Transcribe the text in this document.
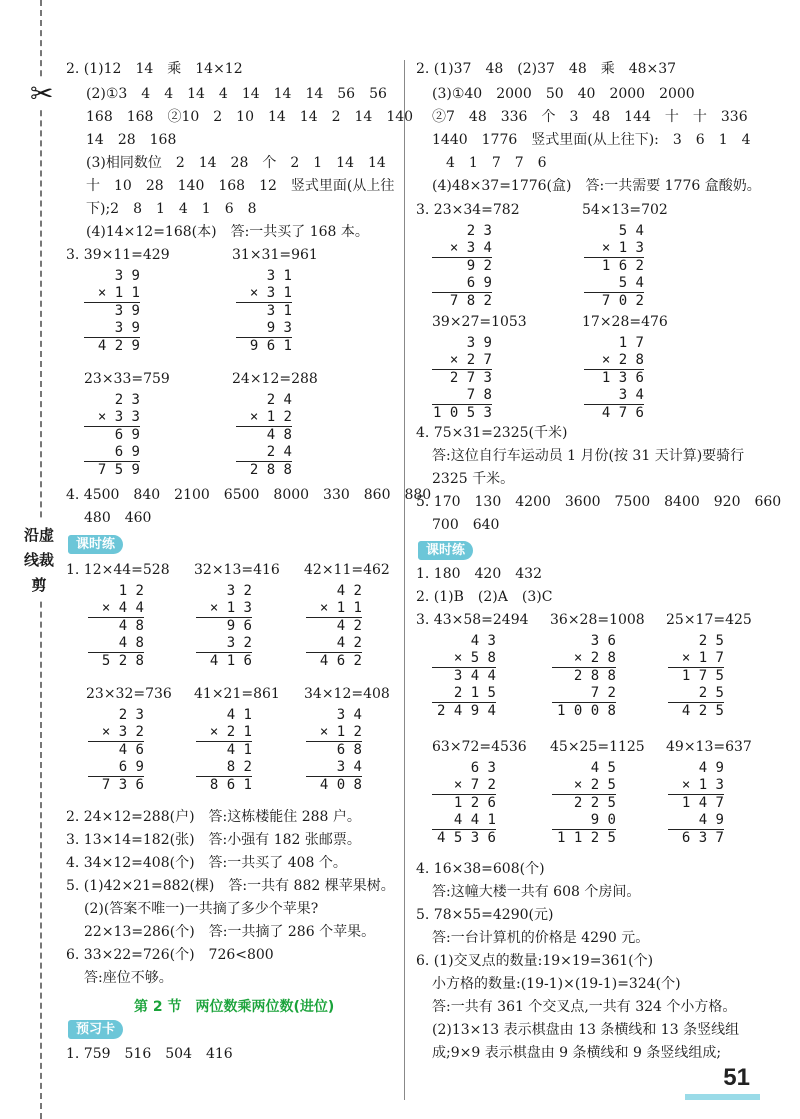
✂
沿虚线裁剪
2. (1)12　14　乘　14×12
(2)①3　4　4　14　4　14　14　14　56　56
168　168　②10　2　10　14　14　2　14　140
14　28　168
(3)相同数位　2　14　28　个　2　1　14　14
十　10　28　140　168　12　竖式里面(从上往
下);2　8　1　4　1　6　8
(4)14×12=168(本)　答:一共买了 168 本。
3. 39×11=429	31×31=961
3 9
× 1 1
3 9
3 9
4 2 9
3 1
× 3 1
3 1
9 3
9 6 1
23×33=759	24×12=288
2 3
× 3 3
6 9
6 9
7 5 9
2 4
× 1 2
4 8
2 4
2 8 8
4. 4500　840　2100　6500　8000　330　860　880
480　460
课时练
1. 12×44=528 32×13=416 42×11=462
1 2
× 4 4
4 8
4 8
5 2 8
3 2
× 1 3
9 6
3 2
4 1 6
4 2
× 1 1
4 2
4 2
4 6 2
23×32=736 41×21=861 34×12=408
2 3
× 3 2
4 6
6 9
7 3 6
4 1
× 2 1
4 1
8 2
8 6 1
3 4
× 1 2
6 8
3 4
4 0 8
2. 24×12=288(户)　答:这栋楼能住 288 户。
3. 13×14=182(张)　答:小强有 182 张邮票。
4. 34×12=408(个)　答:一共买了 408 个。
5. (1)42×21=882(棵)　答:一共有 882 棵苹果树。
(2)(答案不唯一)一共摘了多少个苹果?
22×13=286(个)　答:一共摘了 286 个苹果。
6. 33×22=726(个)　726<800
答:座位不够。
第 2 节　两位数乘两位数(进位)
预习卡
1. 759　516　504　416
2. (1)37　48　(2)37　48　乘　48×37
(3)①40　2000　50　40　2000　2000
②7　48　336　个　3　48　144　十　十　336
1440　1776　竖式里面(从上往下):　3　6　1　4
4　1　7　7　6
(4)48×37=1776(盒)　答:一共需要 1776 盒酸奶。
3. 23×34=782	54×13=702
2 3
× 3 4
9 2
6 9
7 8 2
5 4
× 1 3
1 6 2
5 4
7 0 2
39×27=1053	17×28=476
3 9
× 2 7
2 7 3
7 8
1 0 5 3
1 7
× 2 8
1 3 6
3 4
4 7 6
4. 75×31=2325(千米)
答:这位自行车运动员 1 月份(按 31 天计算)要骑行
2325 千米。
5. 170　130　4200　3600　7500　8400　920　660
700　640
课时练
1. 180　420　432
2. (1)B　(2)A　(3)C
3. 43×58=2494 36×28=1008 25×17=425
4 3
× 5 8
3 4 4
2 1 5
2 4 9 4
3 6
× 2 8
2 8 8
7 2
1 0 0 8
2 5
× 1 7
1 7 5
2 5
4 2 5
63×72=4536 45×25=1125 49×13=637
6 3
× 7 2
1 2 6
4 4 1
4 5 3 6
4 5
× 2 5
2 2 5
9 0
1 1 2 5
4 9
× 1 3
1 4 7
4 9
6 3 7
4. 16×38=608(个)
答:这幢大楼一共有 608 个房间。
5. 78×55=4290(元)
答:一台计算机的价格是 4290 元。
6. (1)交叉点的数量:19×19=361(个)
小方格的数量:(19-1)×(19-1)=324(个)
答:一共有 361 个交叉点,一共有 324 个小方格。
(2)13×13 表示棋盘由 13 条横线和 13 条竖线组
成;9×9 表示棋盘由 9 条横线和 9 条竖线组成;
51
